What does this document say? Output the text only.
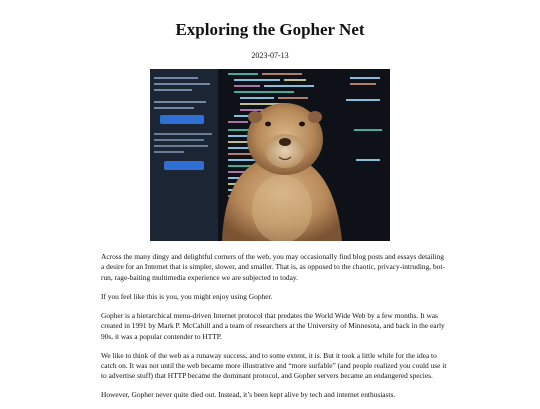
Exploring the Gopher Net
2023-07-13

Across the many dingy and delightful corners of the web, you may occasionally find blog posts and essays detailing a desire for an Internet that is simpler, slower, and smaller. That is, as opposed to the chaotic, privacy-intruding, bot-run, rage-baiting multimedia experience we are subjected to today.

If you feel like this is you, you might enjoy using Gopher.

Gopher is a hierarchical menu-driven Internet protocol that predates the World Wide Web by a few months. It was created in 1991 by Mark P. McCahill and a team of researchers at the University of Minnesota, and back in the early 90s, it was a popular contender to HTTP.

We like to think of the web as a runaway success, and to some extent, it is. But it took a little while for the idea to catch on. It was not until the web became more illustrative and “more surfable” (and people realized you could use it to advertise stuff) that HTTP became the dominant protocol, and Gopher servers became an endangered species.

However, Gopher never quite died out. Instead, it’s been kept alive by tech and internet enthusiasts.
